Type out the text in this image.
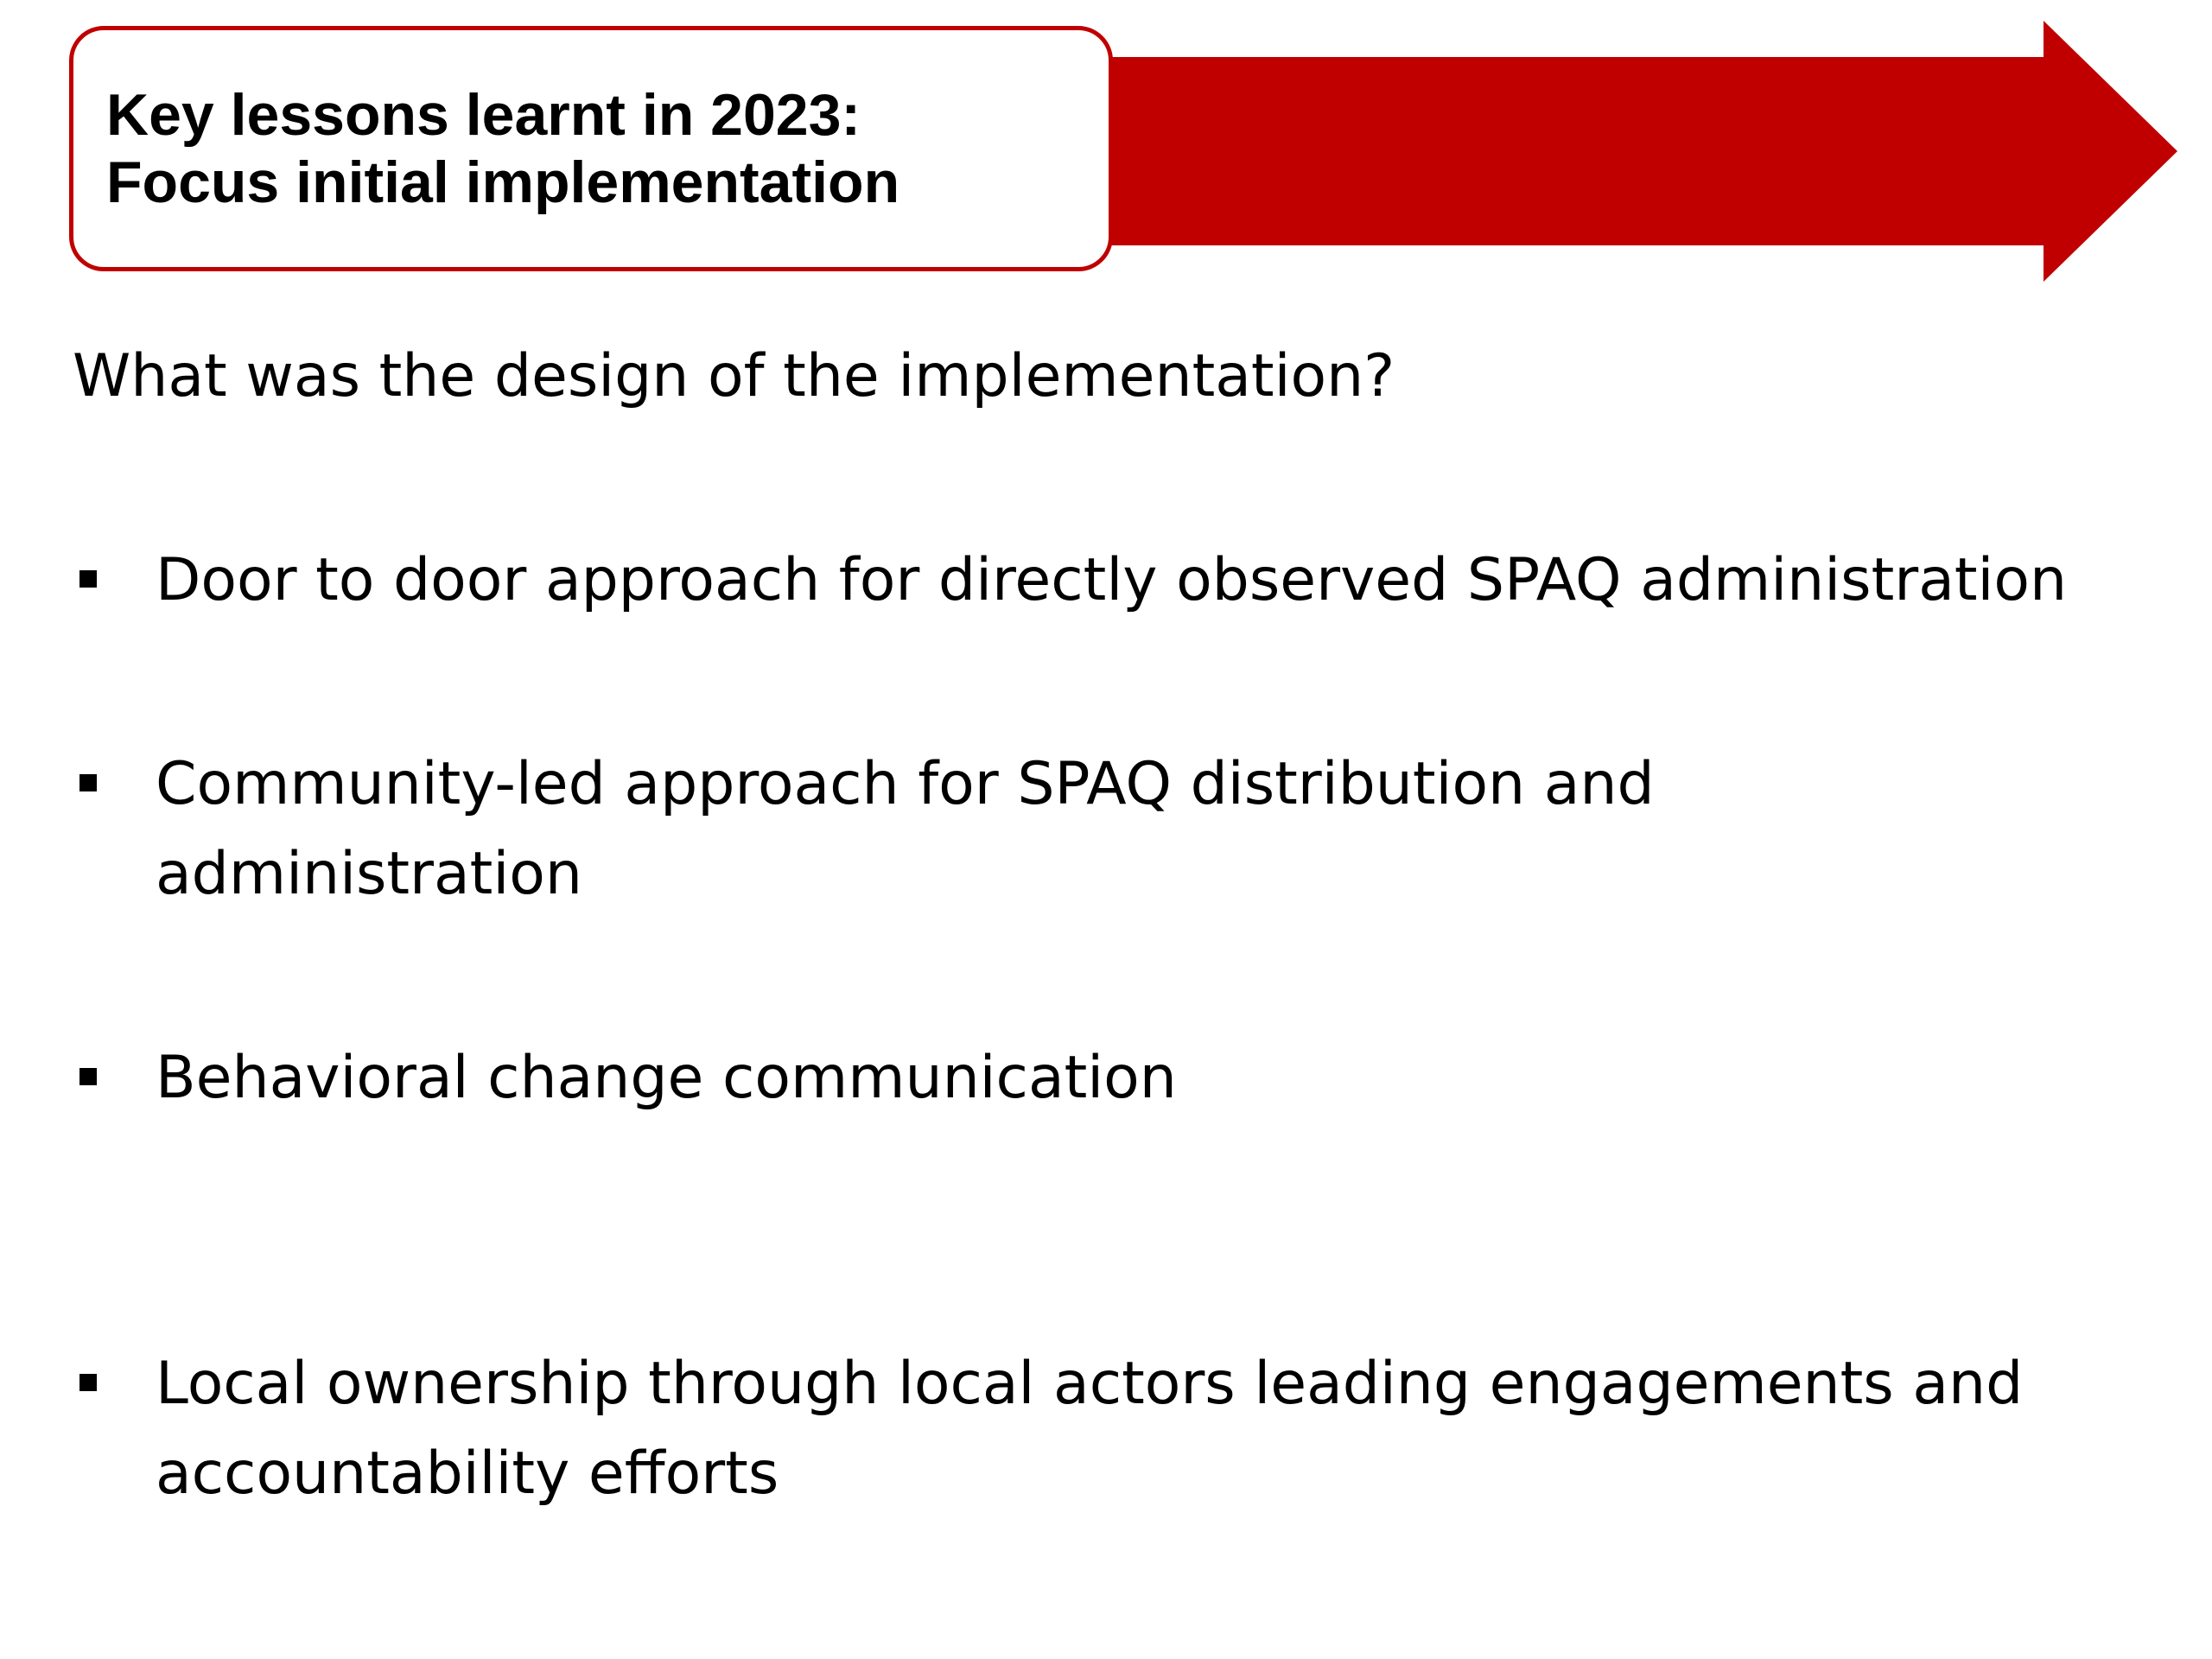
Key lessons learnt in 2023:
Focus initial implementation
What was the design of the implementation?
Door to door approach for directly observed SPAQ administration
Community-led approach for SPAQ distribution and
administration
Behavioral change communication
Local ownership through local actors leading engagements and
accountability efforts
